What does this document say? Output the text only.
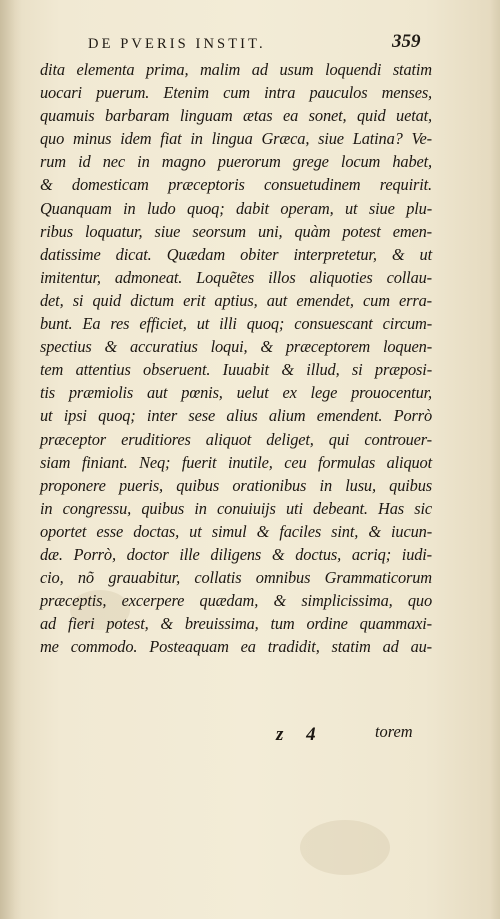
DE PVERIS INSTIT.	359
dita elementa prima, malim ad usum loquendi statim
uocari puerum. Etenim cum intra pauculos menses,
quamuis barbaram linguam ætas ea sonet, quid uetat,
quo minus idem fiat in lingua Græca, siue Latina? Ve-
rum id nec in magno puerorum grege locum habet,
& domesticam præceptoris consuetudinem requirit.
Quanquam in ludo quoq; dabit operam, ut siue plu-
ribus loquatur, siue seorsum uni, quàm potest emen-
datissime dicat. Quædam obiter interpretetur, & ut
imitentur, admoneat. Loquẽtes illos aliquoties collau-
det, si quid dictum erit aptius, aut emendet, cum erra-
bunt. Ea res efficiet, ut illi quoq; consuescant circum-
spectius & accuratius loqui, & præceptorem loquen-
tem attentius obseruent. Iuuabit & illud, si præposi-
tis præmiolis aut pœnis, uelut ex lege prouocentur,
ut ipsi quoq; inter sese alius alium emendent. Porrò
præceptor eruditiores aliquot deliget, qui controuer-
siam finiant. Neq; fuerit inutile, ceu formulas aliquot
proponere pueris, quibus orationibus in lusu, quibus
in congressu, quibus in conuiuijs uti debeant. Has sic
oportet esse doctas, ut simul & faciles sint, & iucun-
dæ. Porrò, doctor ille diligens & doctus, acriq; iudi-
cio, nõ grauabitur, collatis omnibus Grammaticorum
præceptis, excerpere quædam, & simplicissima, quo
ad fieri potest, & breuissima, tum ordine quammaxi-
me commodo. Posteaquam ea tradidit, statim ad au-
z 4	torem
